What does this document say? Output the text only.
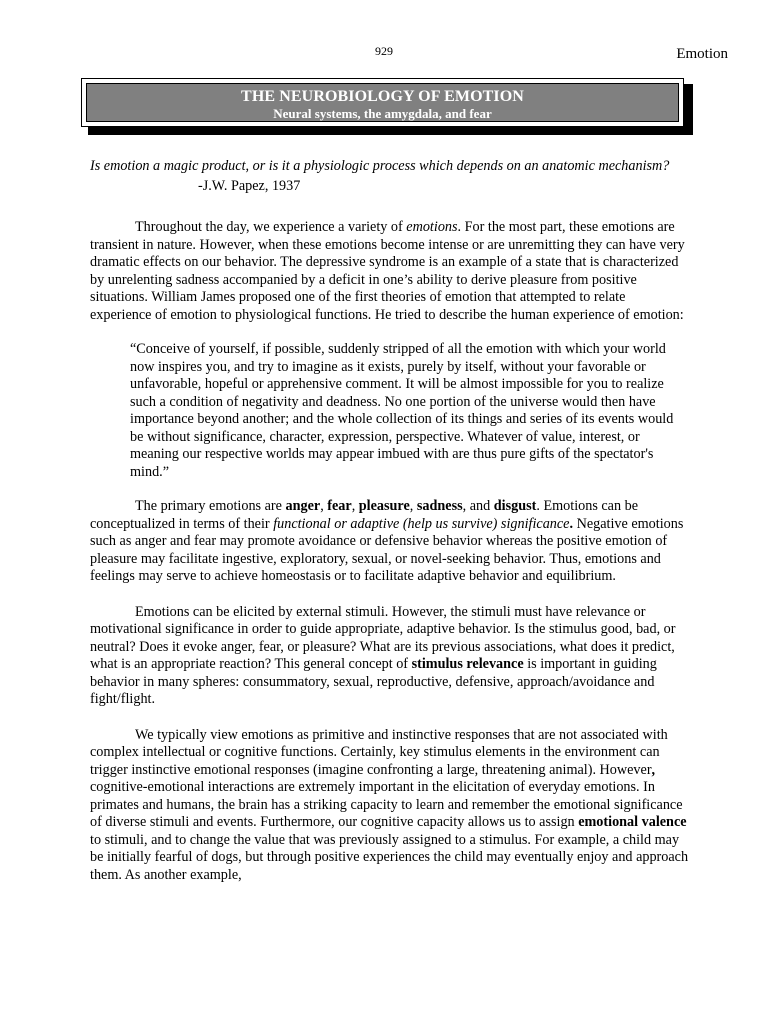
929	Emotion
THE NEUROBIOLOGY OF EMOTION
Neural systems, the amygdala, and fear

Is emotion a magic product, or is it a physiologic process which depends on an anatomic mechanism?

-J.W. Papez, 1937

Throughout the day, we experience a variety of emotions. For the most part, these emotions are transient in nature. However, when these emotions become intense or are unremitting they can have very dramatic effects on our behavior. The depressive syndrome is an example of a state that is characterized by unrelenting sadness accompanied by a deficit in one’s ability to derive pleasure from positive situations. William James proposed one of the first theories of emotion that attempted to relate experience of emotion to physiological functions. He tried to describe the human experience of emotion:

“Conceive of yourself, if possible, suddenly stripped of all the emotion with which your world now inspires you, and try to imagine as it exists, purely by itself, without your favorable or unfavorable, hopeful or apprehensive comment. It will be almost impossible for you to realize such a condition of negativity and deadness. No one portion of the universe would then have importance beyond another; and the whole collection of its things and series of its events would be without significance, character, expression, perspective. Whatever of value, interest, or meaning our respective worlds may appear imbued with are thus pure gifts of the spectator's mind.”

The primary emotions are anger, fear, pleasure, sadness, and disgust. Emotions can be conceptualized in terms of their functional or adaptive (help us survive) significance. Negative emotions such as anger and fear may promote avoidance or defensive behavior whereas the positive emotion of pleasure may facilitate ingestive, exploratory, sexual, or novel-seeking behavior. Thus, emotions and feelings may serve to achieve homeostasis or to facilitate adaptive behavior and equilibrium.

Emotions can be elicited by external stimuli. However, the stimuli must have relevance or motivational significance in order to guide appropriate, adaptive behavior. Is the stimulus good, bad, or neutral? Does it evoke anger, fear, or pleasure? What are its previous associations, what does it predict, what is an appropriate reaction? This general concept of stimulus relevance is important in guiding behavior in many spheres: consummatory, sexual, reproductive, defensive, approach/avoidance and fight/flight.

We typically view emotions as primitive and instinctive responses that are not associated with complex intellectual or cognitive functions. Certainly, key stimulus elements in the environment can trigger instinctive emotional responses (imagine confronting a large, threatening animal). However, cognitive-emotional interactions are extremely important in the elicitation of everyday emotions. In primates and humans, the brain has a striking capacity to learn and remember the emotional significance of diverse stimuli and events. Furthermore, our cognitive capacity allows us to assign emotional valence to stimuli, and to change the value that was previously assigned to a stimulus. For example, a child may be initially fearful of dogs, but through positive experiences the child may eventually enjoy and approach them. As another example,
